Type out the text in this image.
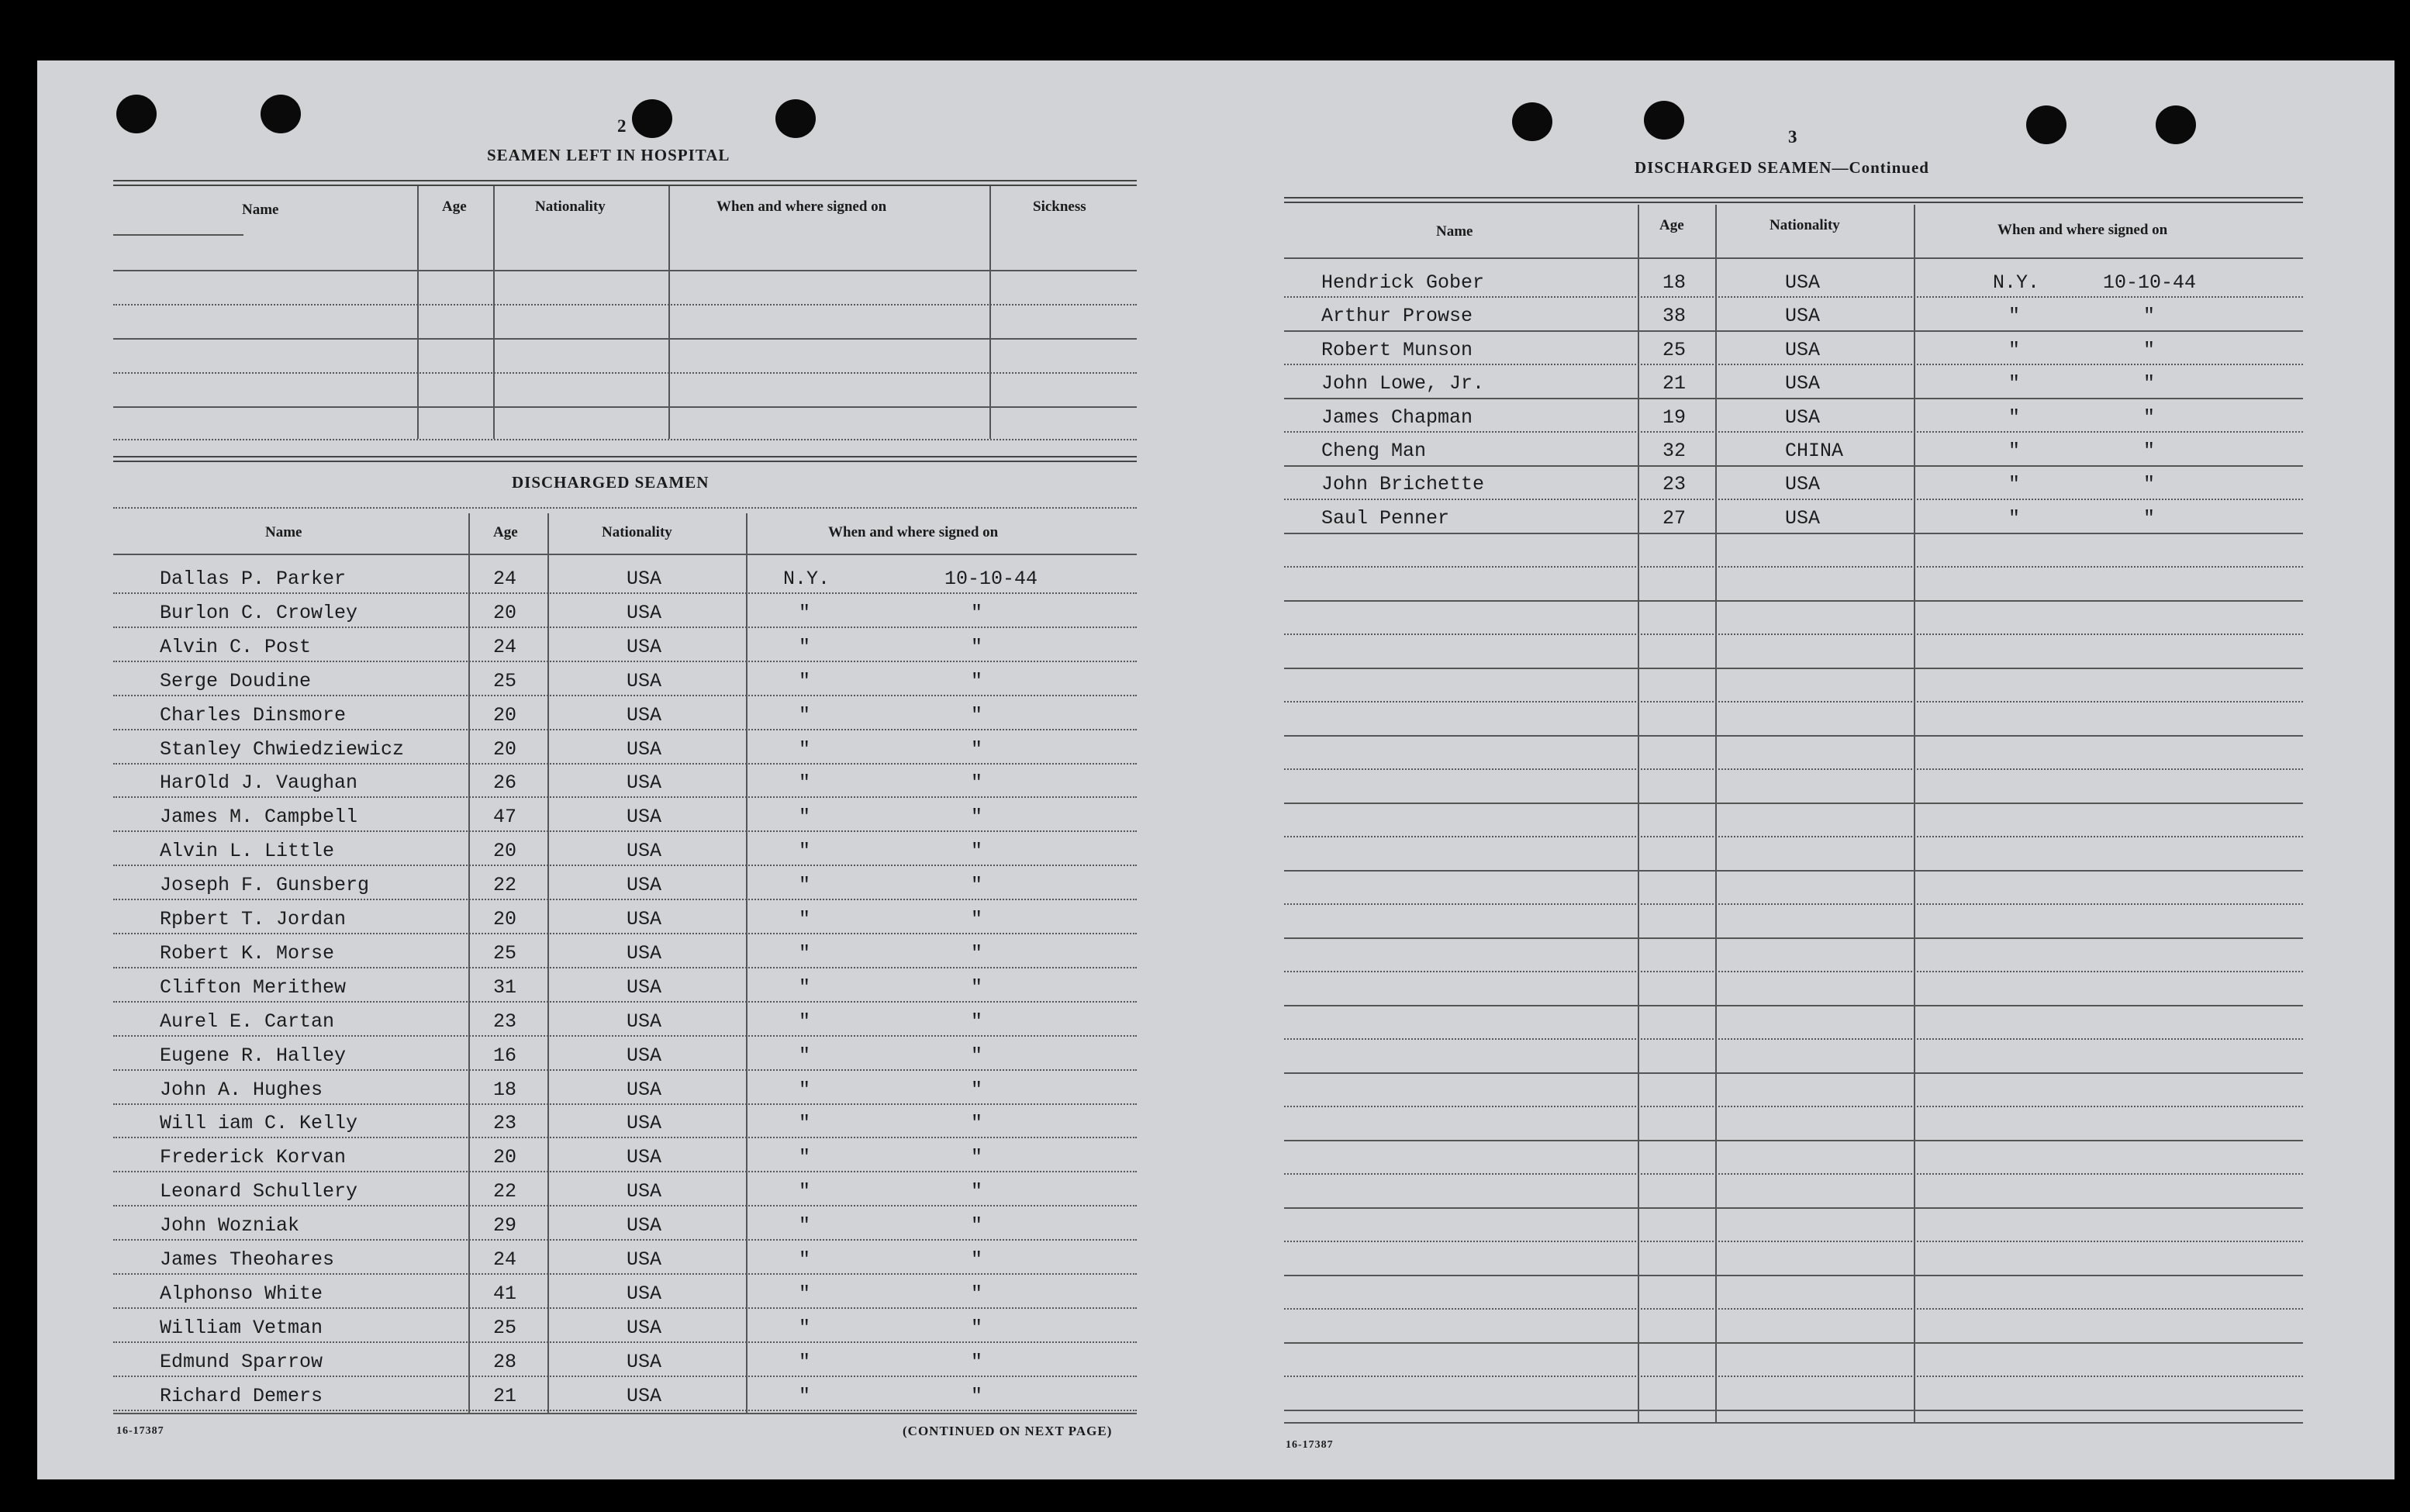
2
SEAMEN LEFT IN HOSPITAL
Name	Age	Nationality	When and where signed on	Sickness
DISCHARGED SEAMEN
Name	Age	Nationality	When and where signed on
Dallas P. Parker	24	USA	N.Y.	10-10-44
Burlon C. Crowley	20	USA	"	"
Alvin C. Post	24	USA	"	"
Serge Doudine	25	USA	"	"
Charles Dinsmore	20	USA	"	"
Stanley Chwiedziewicz	20	USA	"	"
HarOld J. Vaughan	26	USA	"	"
James M. Campbell	47	USA	"	"
Alvin L. Little	20	USA	"	"
Joseph F. Gunsberg	22	USA	"	"
Rpbert T. Jordan	20	USA	"	"
Robert K. Morse	25	USA	"	"
Clifton Merithew	31	USA	"	"
Aurel E. Cartan	23	USA	"	"
Eugene R. Halley	16	USA	"	"
John A. Hughes	18	USA	"	"
Will iam C. Kelly	23	USA	"	"
Frederick Korvan	20	USA	"	"
Leonard Schullery	22	USA	"	"
John Wozniak	29	USA	"	"
James Theohares	24	USA	"	"
Alphonso White	41	USA	"	"
William Vetman	25	USA	"	"
Edmund Sparrow	28	USA	"	"
Richard Demers	21	USA	"	"
16-17387	(CONTINUED ON NEXT PAGE)
3
DISCHARGED SEAMEN—Continued
Name	Age	Nationality	When and where signed on
Hendrick Gober	18	USA	N.Y.	10-10-44
Arthur Prowse	38	USA	"	"
Robert Munson	25	USA	"	"
John Lowe, Jr.	21	USA	"	"
James Chapman	19	USA	"	"
Cheng Man	32	CHINA	"	"
John Brichette	23	USA	"	"
Saul Penner	27	USA	"	"
16-17387
